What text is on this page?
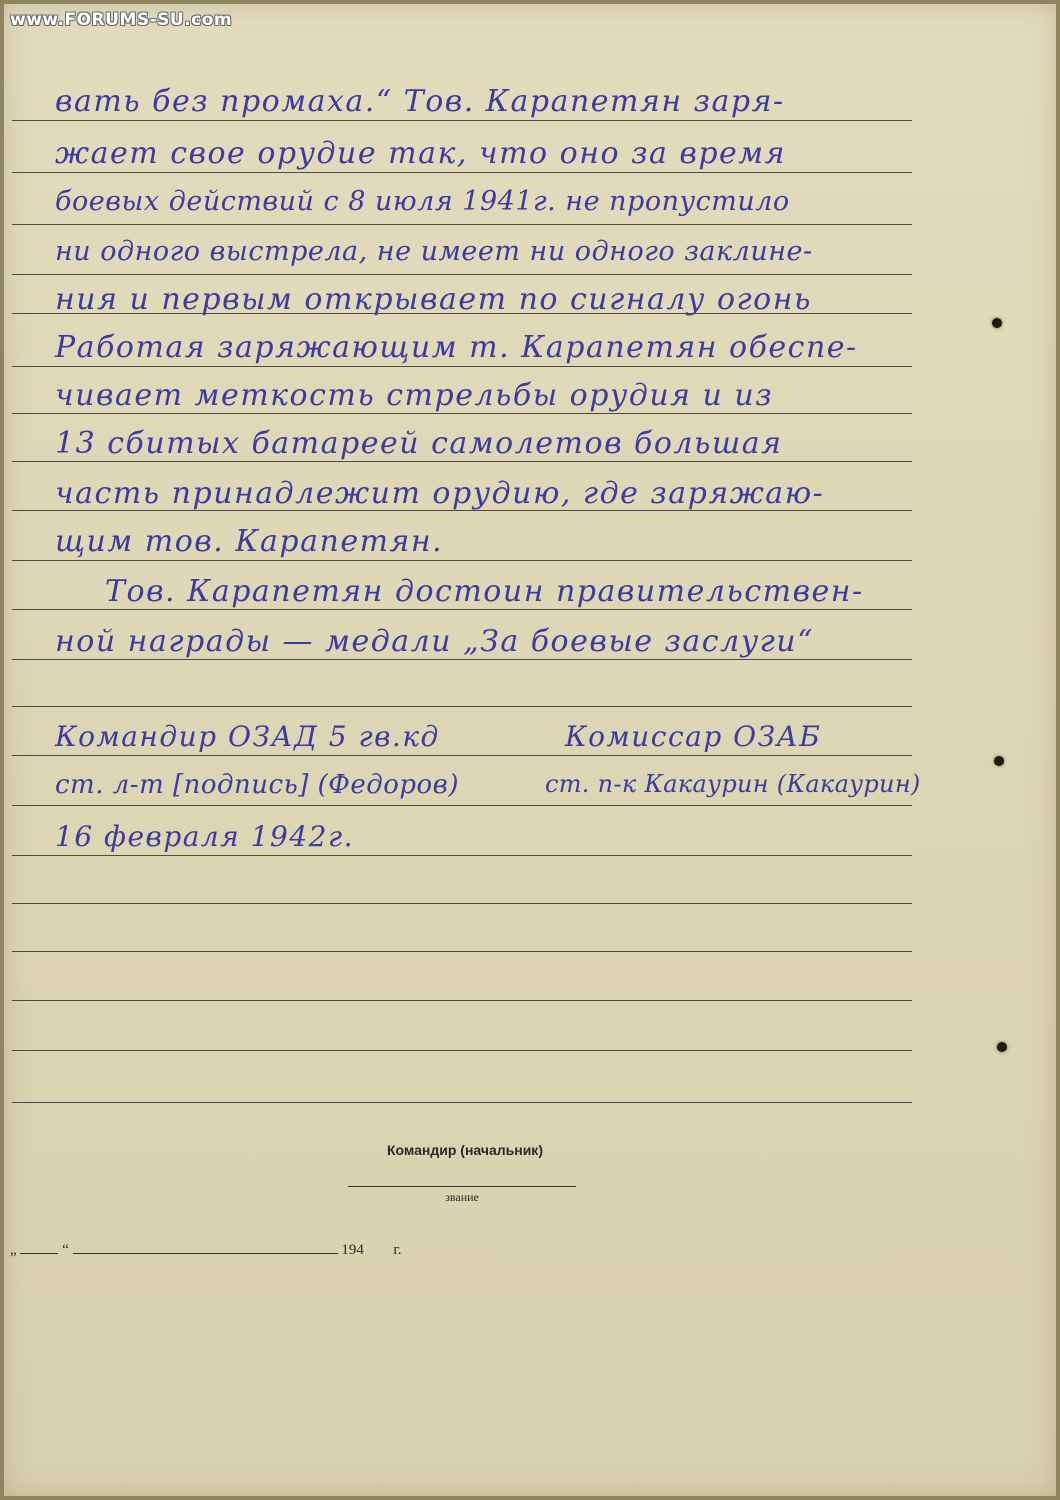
www.FORUMS-SU.com
вать без промаха.“ Тов. Карапетян заря-
жает свое орудие так, что оно за время
боевых действий с 8 июля 1941г. не пропустило
ни одного выстрела, не имеет ни одного заклине-
ния и первым открывает по сигналу огонь
Работая заряжающим т. Карапетян обеспе-
чивает меткость стрельбы орудия и из
13 сбитых батареей самолетов большая
часть принадлежит орудию, где заряжаю-
щим тов. Карапетян.
Тов. Карапетян достоин правительствен-
ной награды — медали „За боевые заслуги“
Командир ОЗАД 5 гв.кд	Комиссар ОЗАБ
ст. л-т [подпись] (Федоров)	ст. п-к Какаурин (Какаурин)
16 февраля 1942г.
Командир (начальник)
звание
„	“	194 г.
